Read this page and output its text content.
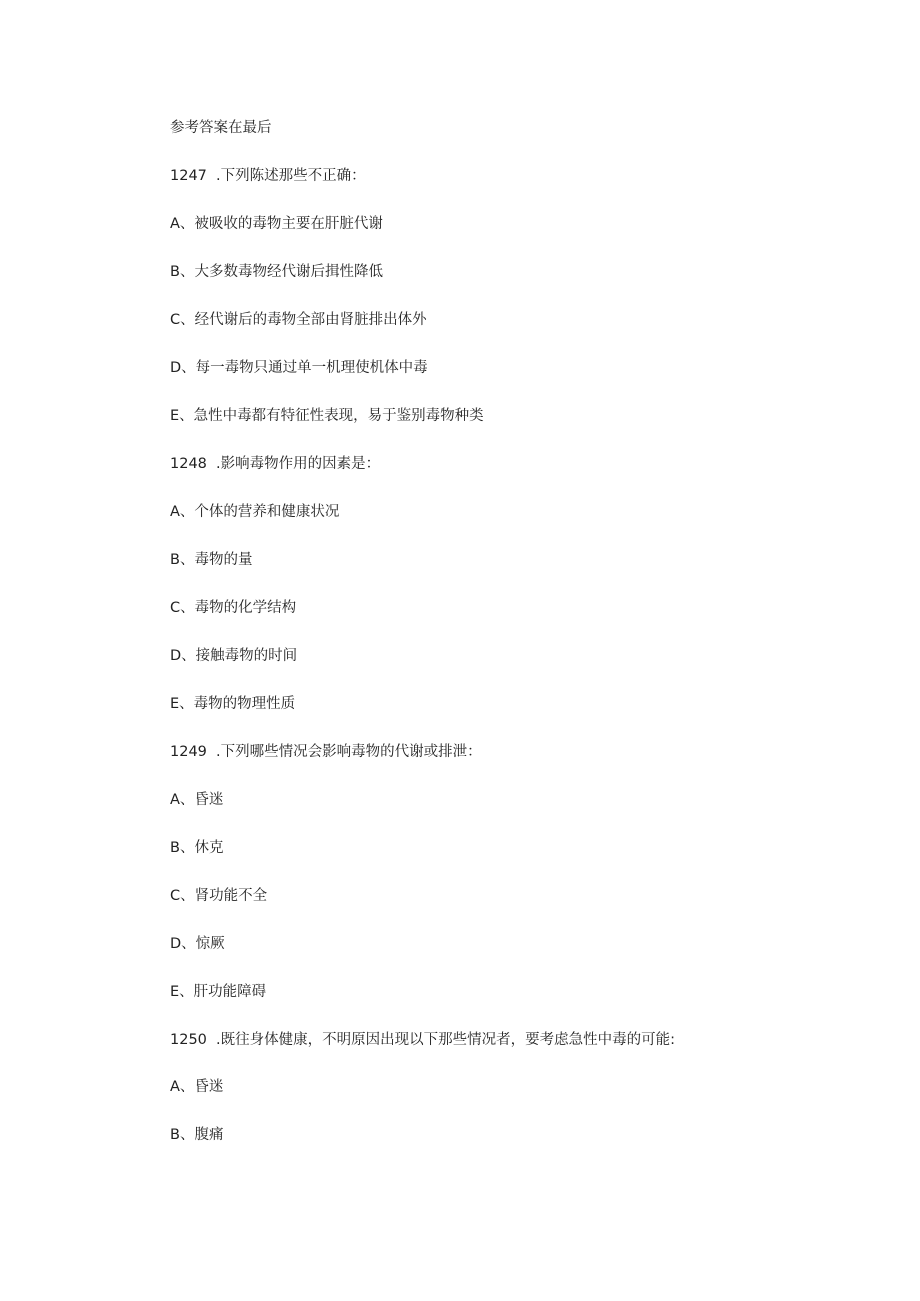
参考答案在最后
1247 .下列陈述那些不正确：
A、被吸收的毒物主要在肝脏代谢
B、大多数毒物经代谢后揖性降低
C、经代谢后的毒物全部由肾脏排出体外
D、每一毒物只通过单一机理使机体中毒
E、急性中毒都有特征性表现，易于鉴别毒物种类
1248 .影响毒物作用的因素是：
A、个体的营养和健康状况
B、毒物的量
C、毒物的化学结构
D、接触毒物的时间
E、毒物的物理性质
1249 .下列哪些情况会影响毒物的代谢或排泄：
A、昏迷
B、休克
C、肾功能不全
D、惊厥
E、肝功能障碍
1250 .既往身体健康，不明原因出现以下那些情况者，要考虑急性中毒的可能:
A、昏迷
B、腹痛
